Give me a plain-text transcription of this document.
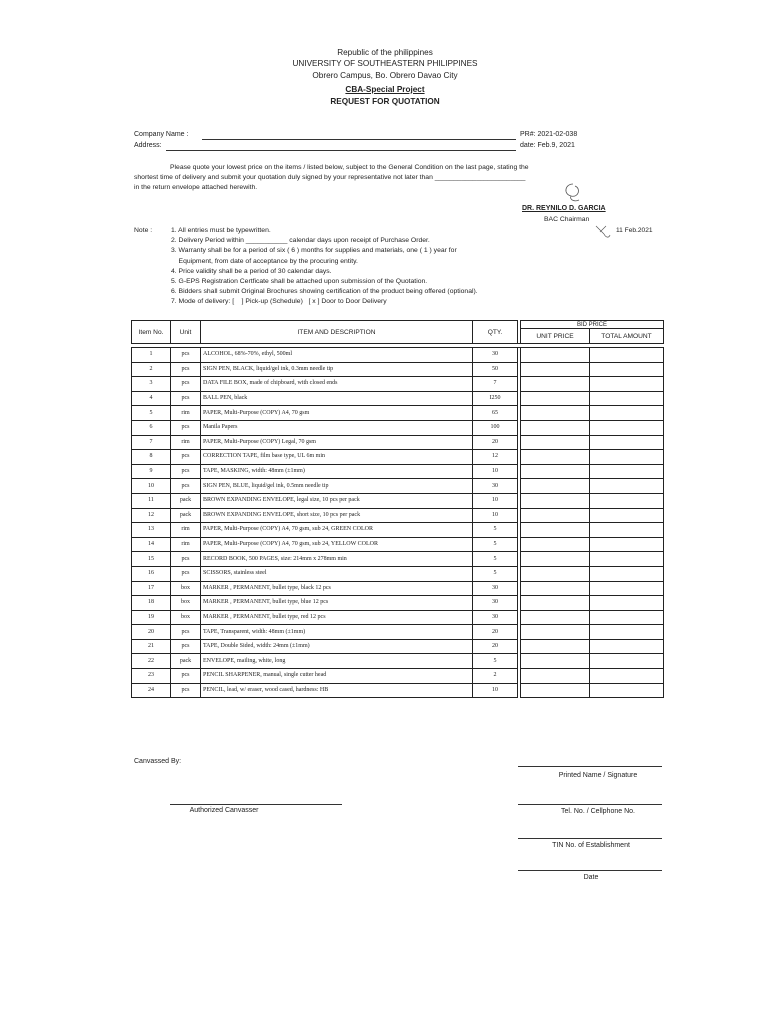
Republic of the philippines
UNIVERSITY OF SOUTHEASTERN PHILIPPINES
Obrero Campus, Bo. Obrero Davao City
CBA-Special Project
REQUEST FOR QUOTATION
Company Name :
Address:
PR#: 2021-02-038
date: Feb.9, 2021
Please quote your lowest price on the items / listed below, subject to the General Condition on the last page, stating the
shortest time of delivery and submit your quotation duly signed by your representative not later than ________________________
in the return envelope attached herewith.
DR. REYNILO D. GARCIA
BAC Chairman
11 Feb.2021
Note :	1. All entries must be typewritten.
2. Delivery Period within ___________ calendar days upon receipt of Purchase Order.
3. Warranty shall be for a period of six ( 6 ) months for supplies and materials, one ( 1 ) year for
Equipment, from date of acceptance by the procuring entity.
4. Price validity shall be a period of 30 calendar days.
5. G-EPS Registration Certficate shall be attached upon submission of the Quotation.
6. Bidders shall submit Original Brochures showing certification of the product being offered (optional).
7. Mode of delivery: [    ] Pick-up (Schedule)   [ x ] Door to Door Delivery
Item No.	Unit	ITEM AND DESCRIPTION	QTY.		BID PRICE	
					UNIT PRICE	TOTAL AMOUNT

1	pcs	ALCOHOL, 68%-70%, ethyl, 500ml	30			
2	pcs	SIGN PEN, BLACK, liquid/gel ink, 0.3mm needle tip	50			
3	pcs	DATA FILE BOX, made of chipboard, with closed ends	7			
4	pcs	BALL PEN, black	I250			
5	rim	PAPER, Multi-Purpose (COPY) A4, 70 gsm	65			
6	pcs	Manila Papers	100			
7	rim	PAPER, Multi-Purpose (COPY) Legal, 70 gsm	20			
8	pcs	CORRECTION TAPE, film base type, UL 6m min	12			
9	pcs	TAPE, MASKING, width: 48mm (±1mm)	10			
10	pcs	SIGN PEN, BLUE, liquid/gel ink, 0.5mm needle tip	30			
11	pack	BROWN EXPANDING ENVELOPE, legal size, 10 pcs per pack	10			
12	pack	BROWN EXPANDING ENVELOPE, short size, 10 pcs per pack	10			
13	rim	PAPER, Multi-Purpose (COPY) A4, 70 gsm, sub 24, GREEN COLOR	5			
14	rim	PAPER, Multi-Purpose (COPY) A4, 70 gsm, sub 24, YELLOW COLOR	5			
15	pcs	RECORD BOOK, 500 PAGES, size: 214mm x 278mm min	5			
16	pcs	SCISSORS, stainless steel	5			
17	box	MARKER , PERMANENT, bullet type, black 12 pcs	30			
18	box	MARKER , PERMANENT, bullet type, blue 12 pcs	30			
19	box	MARKER , PERMANENT, bullet type, red 12 pcs	30			
20	pcs	TAPE, Transparent, width: 48mm (±1mm)	20			
21	pcs	TAPE, Double Sided, width: 24mm (±1mm)	20			
22	pack	ENVELOPE, mailing, white, long	5			
23	pcs	PENCIL SHARPENER, manual, single cutter head	2			
24	pcs	PENCIL, lead, w/ eraser, wood cased, hardness: HB	10			
Canvassed By:
Printed Name / Signature
Authorized Canvasser	Tel. No. / Cellphone No.
TIN No. of Establishment
Date
